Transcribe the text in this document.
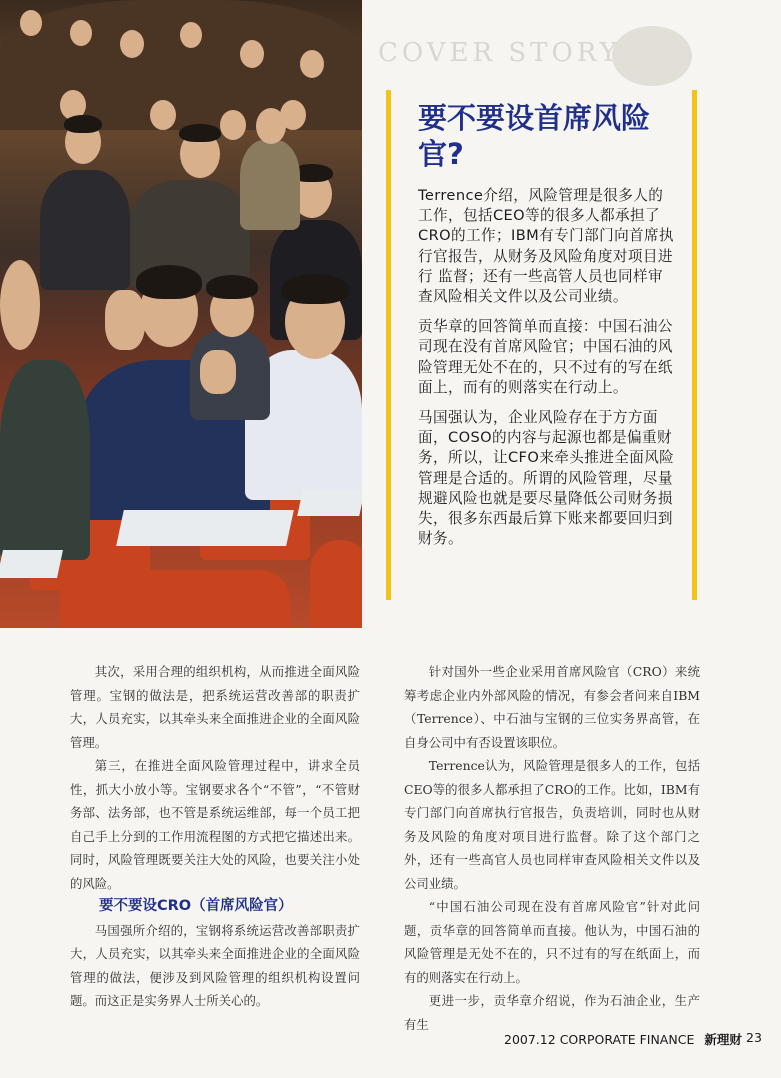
COVER STORY
要不要设首席风险官?

Terrence介绍，风险管理是很多人的工作，包括CEO等的很多人都承担了CRO的工作；IBM有专门部门向首席执行官报告，从财务及风险角度对项目进行 监督；还有一些高管人员也同样审查风险相关文件以及公司业绩。

贡华章的回答简单而直接：中国石油公司现在没有首席风险官；中国石油的风险管理无处不在的，只不过有的写在纸面上，而有的则落实在行动上。

马国强认为，企业风险存在于方方面面，COSO的内容与起源也都是偏重财务，所以，让CFO来牵头推进全面风险管理是合适的。所谓的风险管理，尽量规避风险也就是要尽量降低公司财务损失，很多东西最后算下账来都要回归到财务。

其次，采用合理的组织机构，从而推进全面风险管理。宝钢的做法是，把系统运营改善部的职责扩大，人员充实，以其牵头来全面推进企业的全面风险管理。

第三，在推进全面风险管理过程中，讲求全员性，抓大小放小等。宝钢要求各个“不管”，“不管财务部、法务部，也不管是系统运维部，每一个员工把自己手上分到的工作用流程图的方式把它描述出来。同时，风险管理既要关注大处的风险，也要关注小处的风险。

要不要设CRO（首席风险官）

马国强所介绍的，宝钢将系统运营改善部职责扩大，人员充实，以其牵头来全面推进企业的全面风险管理的做法，便涉及到风险管理的组织机构设置问题。而这正是实务界人士所关心的。

针对国外一些企业采用首席风险官（CRO）来统筹考虑企业内外部风险的情况，有参会者问来自IBM（Terrence）、中石油与宝钢的三位实务界高管，在自身公司中有否设置该职位。

Terrence认为，风险管理是很多人的工作，包括CEO等的很多人都承担了CRO的工作。比如，IBM有专门部门向首席执行官报告，负责培训，同时也从财务及风险的角度对项目进行监督。除了这个部门之外，还有一些高官人员也同样审查风险相关文件以及公司业绩。

“中国石油公司现在没有首席风险官”针对此问题，贡华章的回答简单而直接。他认为，中国石油的风险管理是无处不在的，只不过有的写在纸面上，而有的则落实在行动上。

更进一步，贡华章介绍说，作为石油企业，生产有生

2007.12 CORPORATE FINANCE 新理财 23
